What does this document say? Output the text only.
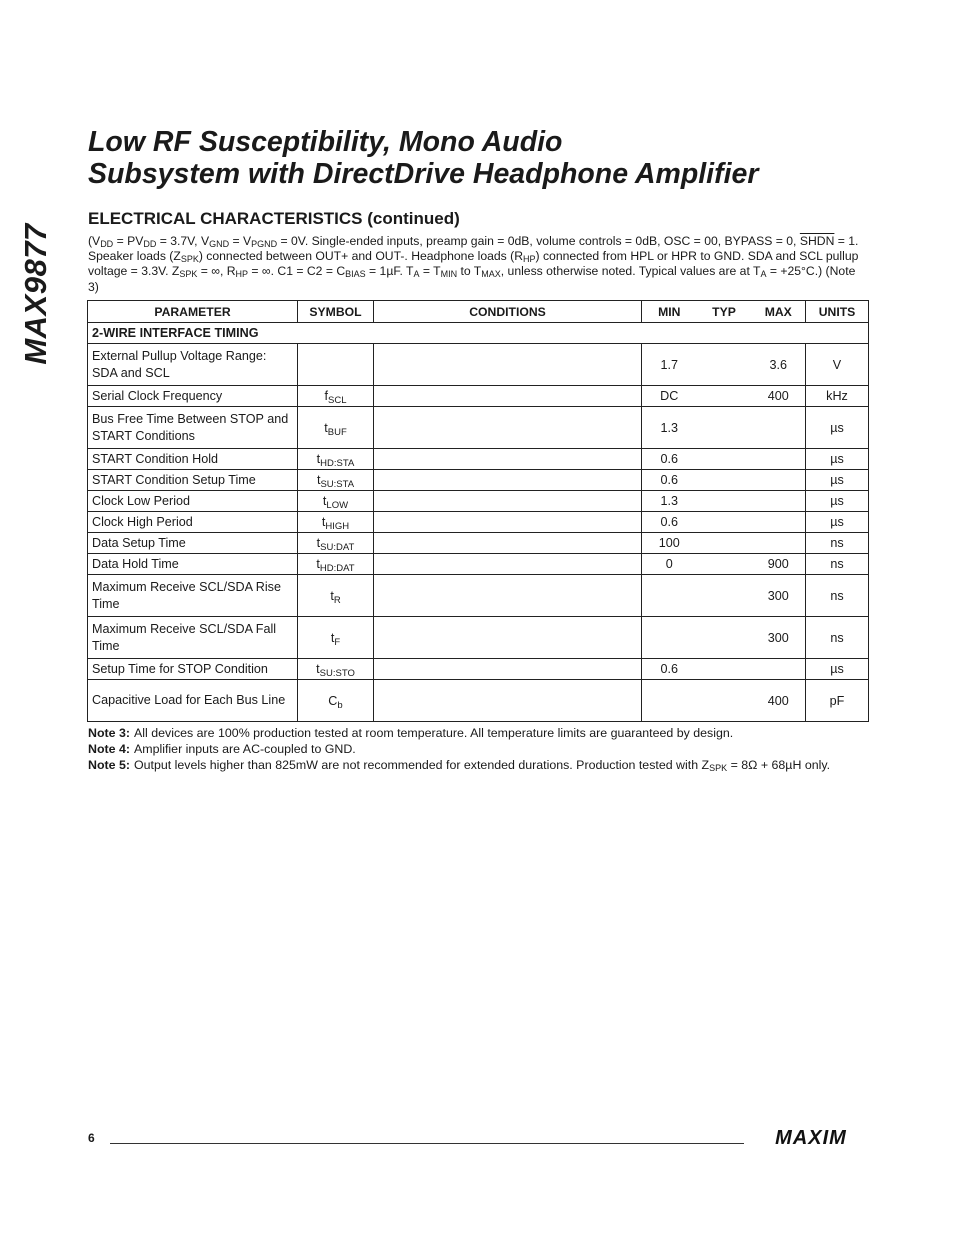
MAX9877
Low RF Susceptibility, Mono Audio
Subsystem with DirectDrive Headphone Amplifier
ELECTRICAL CHARACTERISTICS (continued)
($V_{DD} = PV_{DD} = 3.7V$, $V_{GND} = V_{PGND} = 0V$. Single-ended inputs, preamp gain = 0dB, volume controls = 0dB, OSC = 00, BYPASS = 0, SHDN = 1. Speaker loads $(Z_{SPK})$ connected between OUT+ and OUT-. Headphone loads $(R_{HP})$ connected from HPL or HPR to GND. SDA and SCL pullup voltage = 3.3V. $Z_{SPK}$ = ∞, $R_{HP}$ = ∞. $C1 = C2 = C_{BIAS} = 1\mu F$. $T_A = T_{MIN}$ to $T_{MAX}$, unless otherwise noted. Typical values are at $T_A = +25^\circ C$.) (Note 3)
PARAMETER	SYMBOL	CONDITIONS	MIN	TYP	MAX	UNITS
2-WIRE INTERFACE TIMING						
External Pullup Voltage Range: SDA and SCL			1.7		3.6	V
Serial Clock Frequency	$f_{SCL}$		DC		400	kHz
Bus Free Time Between STOP and START Conditions	$t_{BUF}$		1.3			µs
START Condition Hold	$t_{HD:STA}$		0.6			µs
START Condition Setup Time	$t_{SU:STA}$		0.6			µs
Clock Low Period	$t_{LOW}$		1.3			µs
Clock High Period	$t_{HIGH}$		0.6			µs
Data Setup Time	$t_{SU:DAT}$		100			ns
Data Hold Time	$t_{HD:DAT}$		0		900	ns
Maximum Receive SCL/SDA Rise Time	$t_R$				300	ns
Maximum Receive SCL/SDA Fall Time	$t_F$				300	ns
Setup Time for STOP Condition	$t_{SU:STO}$		0.6			µs
Capacitive Load for Each Bus Line	$C_b$				400	pF
Note 3: All devices are 100% production tested at room temperature. All temperature limits are guaranteed by design.
Note 4: Amplifier inputs are AC-coupled to GND.
Note 5: Output levels higher than 825mW are not recommended for extended durations. Production tested with $Z_{SPK} = 8\Omega + 68\mu H$ only.
6	MAXIM
